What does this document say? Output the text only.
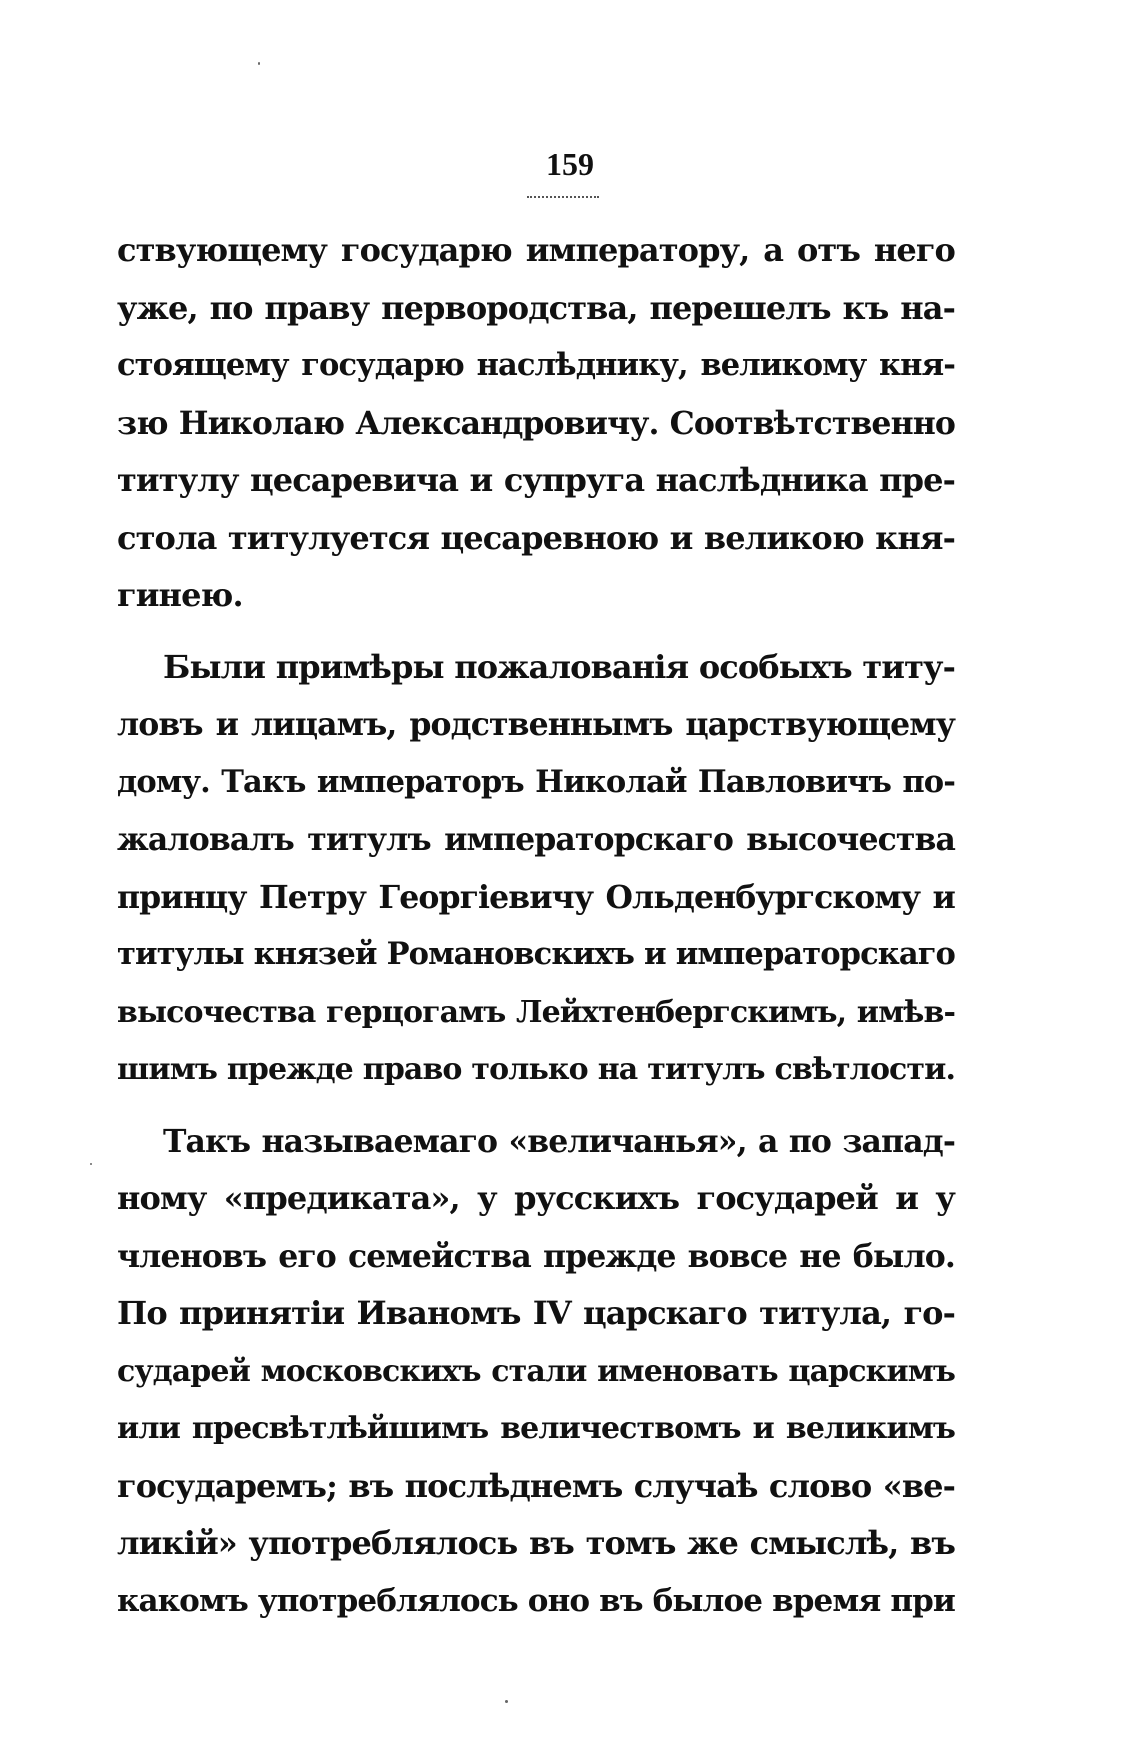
159
ствующему государю императору, а отъ него
уже, по праву первородства, перешелъ къ на-
стоящему государю наслѣднику, великому кня-
зю Николаю Александровичу. Соотвѣтственно
титулу цесаревича и супруга наслѣдника пре-
стола титулуется цесаревною и великою кня-
гинею.
Были примѣры пожалованія особыхъ титу-
ловъ и лицамъ, родственнымъ царствующему
дому. Такъ императоръ Николай Павловичъ по-
жаловалъ титулъ императорскаго высочества
принцу Петру Георгіевичу Ольденбургскому и
титулы князей Романовскихъ и императорскаго
высочества герцогамъ Лейхтенбергскимъ, имѣв-
шимъ прежде право только на титулъ свѣтлости.
Такъ называемаго «величанья», а по запад-
ному «предиката», у русскихъ государей и у
членовъ его семейства прежде вовсе не было.
По принятіи Иваномъ IV царскаго титула, го-
сударей московскихъ стали именовать царскимъ
или пресвѣтлѣйшимъ величествомъ и великимъ
государемъ; въ послѣднемъ случаѣ слово «ве-
ликій» употреблялось въ томъ же смыслѣ, въ
какомъ употреблялось оно въ былое время при
